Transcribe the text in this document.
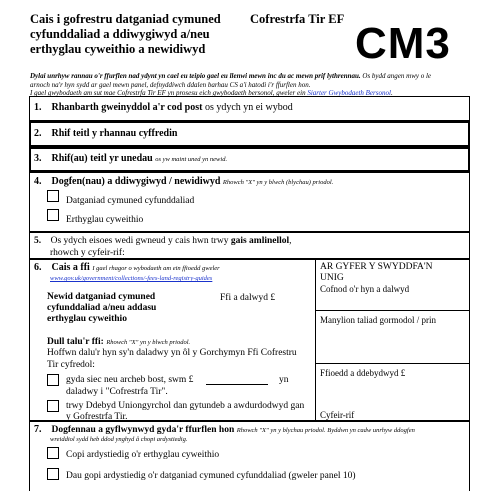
Cais i gofrestru datganiad cymuned
cyfunddaliad a ddiwygiwyd a/neu
erthyglau cyweithio a newidiwyd
Cofrestrfa Tir EF CM3
Dylai unrhyw rannau o'r ffurflen nad ydynt yn cael eu teipio gael eu llenwi mewn inc du ac mewn prif lythrennau. Os bydd angen mwy o le
arnoch na'r hyn sydd ar gael mewn panel, defnyddiwch ddalen barhau CS a'i hatodi i'r ffurflen hon.
I gael gwybodaeth am sut mae Cofrestrfa Tir EF yn prosesu eich gwybodaeth bersonol, gweler ein Siarter Gwybodaeth Bersonol.
1. Rhanbarth gweinyddol a'r cod post os ydych yn ei wybod
2. Rhif teitl y rhannau cyffredin
3. Rhif(au) teitl yr unedau os yw maint uned yn newid.
4. Dogfen(nau) a ddiwygiwyd / newidiwyd Rhowch "X" yn y blwch (blychau) priodol.
Datganiad cymuned cyfunddaliad
Erthyglau cyweithio
5. Os ydych eisoes wedi gwneud y cais hwn trwy gais amlinellol,
rhowch y cyfeir-rif:
6. Cais a ffi I gael rhagor o wybodaeth am ein ffioedd gweler
www.gov.uk/government/collections/-fees-land-registry-guides
Newid datganiad cymuned
cyfunddaliad a/neu addasu
erthyglau cyweithio
Ffi a dalwyd £
Dull talu'r ffi: Rhowch "X" yn y blwch priodol.
Hoffwn dalu'r hyn sy'n daladwy yn ôl y Gorchymyn Ffi Cofrestru
Tir cyfredol:
gyda siec neu archeb bost, swm £	yn
daladwy i "Cofrestrfa Tir".
trwy Ddebyd Uniongyrchol dan gytundeb a awdurdodwyd gan
y Gofrestrfa Tir.
AR GYFER Y SWYDDFA'N
UNIG
Cofnod o'r hyn a dalwyd
Manylion taliad gormodol / prin
Ffioedd a ddebydwyd £
Cyfeir-rif
7. Dogfennau a gyflwynwyd gyda'r ffurflen hon Rhowch "X" yn y blychau priodol. Byddwn yn cadw unrhyw ddogfen
wreiddiol sydd heb ddod ynghyd â chopi ardystiedig.
Copi ardystiedig o'r erthyglau cyweithio
Dau gopi ardystiedig o'r datganiad cymuned cyfunddaliad (gweler panel 10)
